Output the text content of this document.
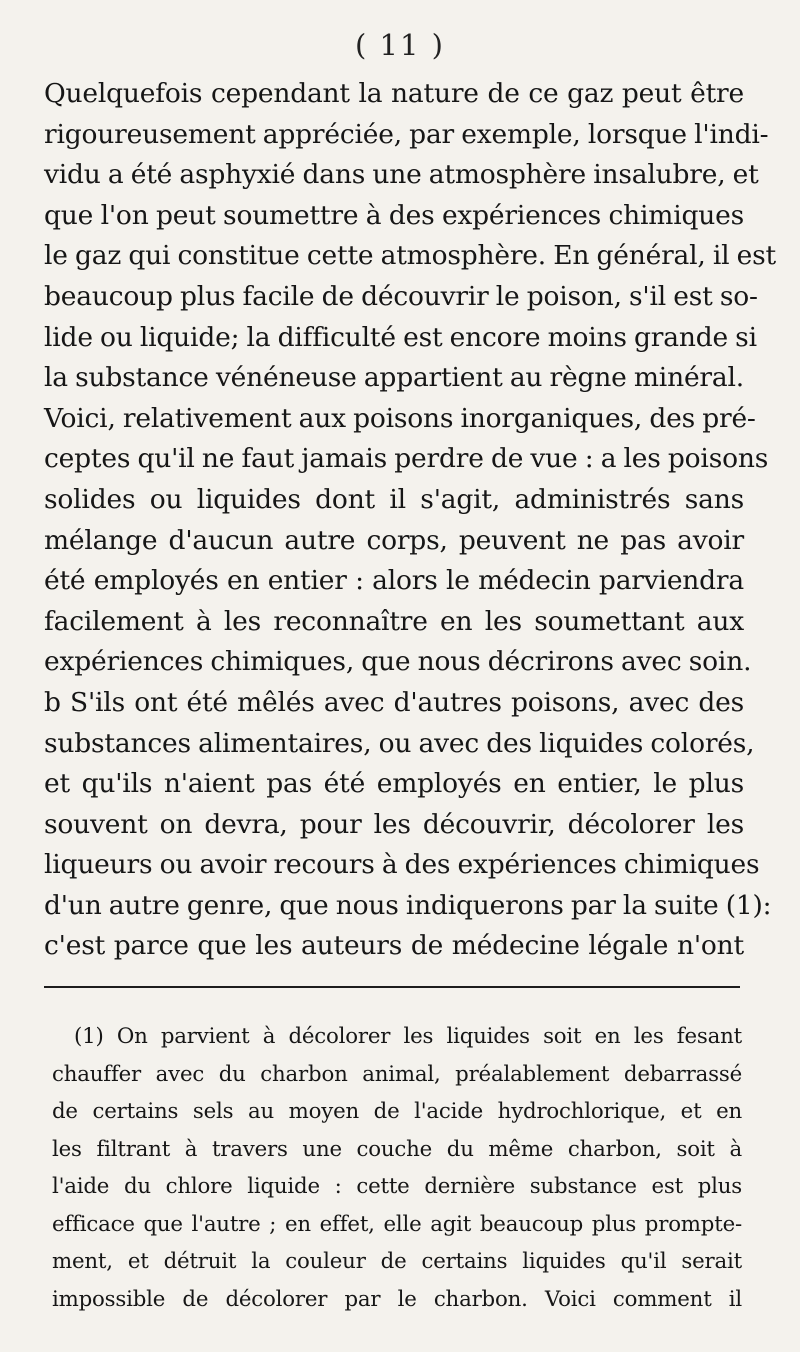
( 11 )
Quelquefois cependant la nature de ce gaz peut être
rigoureusement appréciée, par exemple, lorsque l'indi-
vidu a été asphyxié dans une atmosphère insalubre, et
que l'on peut soumettre à des expériences chimiques
le gaz qui constitue cette atmosphère. En général, il est
beaucoup plus facile de découvrir le poison, s'il est so-
lide ou liquide; la difficulté est encore moins grande si
la substance vénéneuse appartient au règne minéral.
Voici, relativement aux poisons inorganiques, des pré-
ceptes qu'il ne faut jamais perdre de vue : a les poisons
solides ou liquides dont il s'agit, administrés sans
mélange d'aucun autre corps, peuvent ne pas avoir
été employés en entier : alors le médecin parviendra
facilement à les reconnaître en les soumettant aux
expériences chimiques, que nous décrirons avec soin.
b S'ils ont été mêlés avec d'autres poisons, avec des
substances alimentaires, ou avec des liquides colorés,
et qu'ils n'aient pas été employés en entier, le plus
souvent on devra, pour les découvrir, décolorer les
liqueurs ou avoir recours à des expériences chimiques
d'un autre genre, que nous indiquerons par la suite (1):
c'est parce que les auteurs de médecine légale n'ont
(1) On parvient à décolorer les liquides soit en les fesant
chauffer avec du charbon animal, préalablement debarrassé
de certains sels au moyen de l'acide hydrochlorique, et en
les filtrant à travers une couche du même charbon, soit à
l'aide du chlore liquide : cette dernière substance est plus
efficace que l'autre ; en effet, elle agit beaucoup plus promptе-
ment, et détruit la couleur de certains liquides qu'il serait
impossible de décolorer par le charbon. Voici comment il
